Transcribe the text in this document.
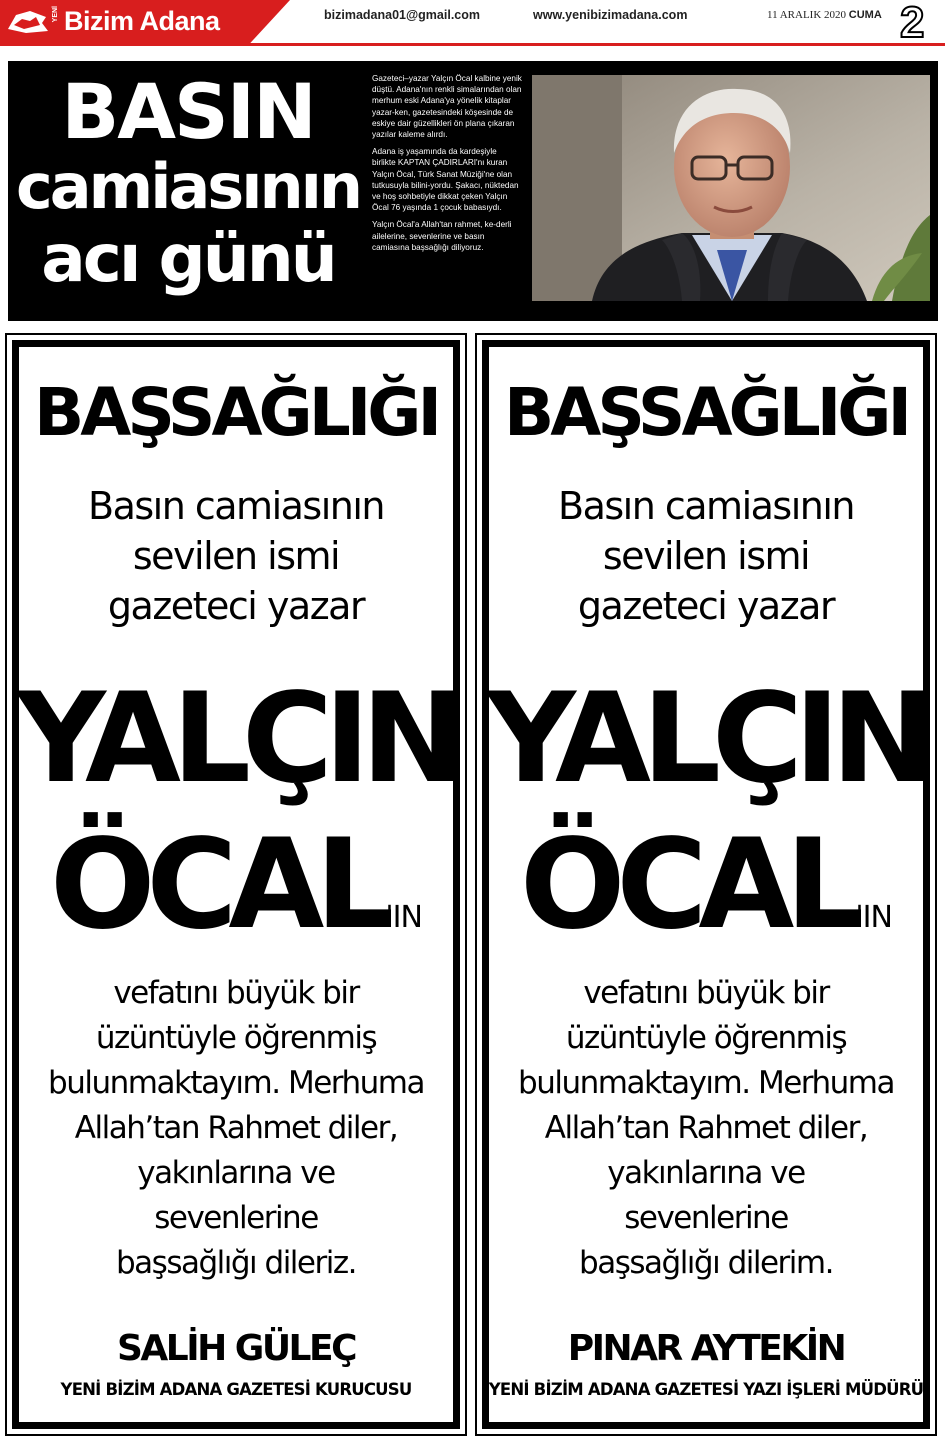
YENİ Bizim Adana	bizimadana01@gmail.com	www.yenibizimadana.com	11 ARALIK 2020 CUMA 2
BASIN
camiasının
acı günü

Gazeteci–yazar Yalçın Öcal kalbine yenik düştü. Adana'nın renkli simalarından olan merhum eski Adana'ya yönelik kitaplar yazar-ken, gazetesindeki köşesinde de eskiye dair güzellikleri ön plana çıkaran yazılar kaleme alırdı.

Adana iş yaşamında da kardeşiyle birlikte KAPTAN ÇADIRLARI'nı kuran Yalçın Öcal, Türk Sanat Müziği'ne olan tutkusuyla bilini-yordu. Şakacı, nüktedan ve hoş sohbetiyle dikkat çeken Yalçın Öcal 76 yaşında 1 çocuk babasıydı.

Yalçın Öcal'a Allah'tan rahmet, ke-derli ailelerine, sevenlerine ve basın camiasına başsağlığı diliyoruz.

BAŞSAĞLIĞI
Basın camiasının
sevilen ismi
gazeteci yazar
YALÇIN
ÖCAL'IN
vefatını büyük bir
üzüntüyle öğrenmiş
bulunmaktayım. Merhuma
Allah’tan Rahmet diler,
yakınlarına ve
sevenlerine
başsağlığı dileriz.
SALİH GÜLEÇ
YENİ BİZİM ADANA GAZETESİ KURUCUSU
BAŞSAĞLIĞI
Basın camiasının
sevilen ismi
gazeteci yazar
YALÇIN
ÖCAL'IN
vefatını büyük bir
üzüntüyle öğrenmiş
bulunmaktayım. Merhuma
Allah’tan Rahmet diler,
yakınlarına ve
sevenlerine
başsağlığı dilerim.
PINAR AYTEKİN
YENİ BİZİM ADANA GAZETESİ YAZI İŞLERİ MÜDÜRÜ
